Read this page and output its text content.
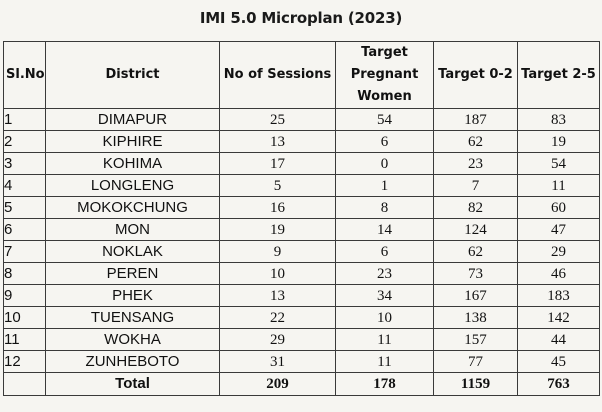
IMI 5.0 Microplan (2023)
Sl.No	District	No of Sessions	Target
Pregnant
Women	Target 0-2	Target 2-5
1	DIMAPUR	25	54	187	83
2	KIPHIRE	13	6	62	19
3	KOHIMA	17	0	23	54
4	LONGLENG	5	1	7	11
5	MOKOKCHUNG	16	8	82	60
6	MON	19	14	124	47
7	NOKLAK	9	6	62	29
8	PEREN	10	23	73	46
9	PHEK	13	34	167	183
10	TUENSANG	22	10	138	142
11	WOKHA	29	11	157	44
12	ZUNHEBOTO	31	11	77	45
	Total	209	178	1159	763
